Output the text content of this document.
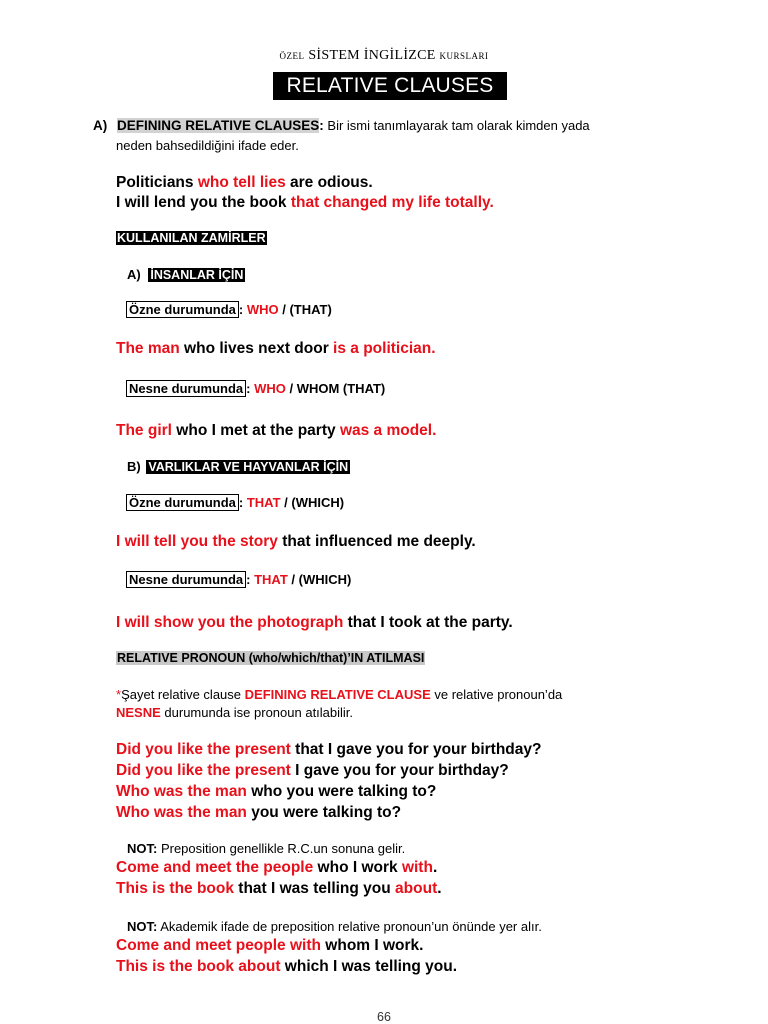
ÖZEL SİSTEM İNGİLİZCE KURSLARI
RELATIVE CLAUSES
A) DEFINING RELATIVE CLAUSES: Bir ismi tanımlayarak tam olarak kimden yada
neden bahsedildiğini ifade eder.
Politicians who tell lies are odious.
I will lend you the book that changed my life totally.
KULLANILAN ZAMİRLER
A) İNSANLAR İÇİN
Özne durumunda : WHO / (THAT)
The man who lives next door is a politician.
Nesne durumunda : WHO / WHOM (THAT)
The girl who I met at the party was a model.
B) VARLIKLAR VE HAYVANLAR İÇİN
Özne durumunda : THAT / (WHICH)
I will tell you the story that influenced me deeply.
Nesne durumunda : THAT / (WHICH)
I will show you the photograph that I took at the party.
RELATIVE PRONOUN (who/which/that)’IN ATILMASI
*Şayet relative clause DEFINING RELATIVE CLAUSE ve relative pronoun’da
NESNE durumunda ise pronoun atılabilir.
Did you like the present that I gave you for your birthday?
Did you like the present I gave you for your birthday?
Who was the man who you were talking to?
Who was the man you were talking to?
NOT: Preposition genellikle R.C.un sonuna gelir.
Come and meet the people who I work with.
This is the book that I was telling you about.
NOT: Akademik ifade de preposition relative pronoun’un önünde yer alır.
Come and meet people with whom I work.
This is the book about which I was telling you.
66
